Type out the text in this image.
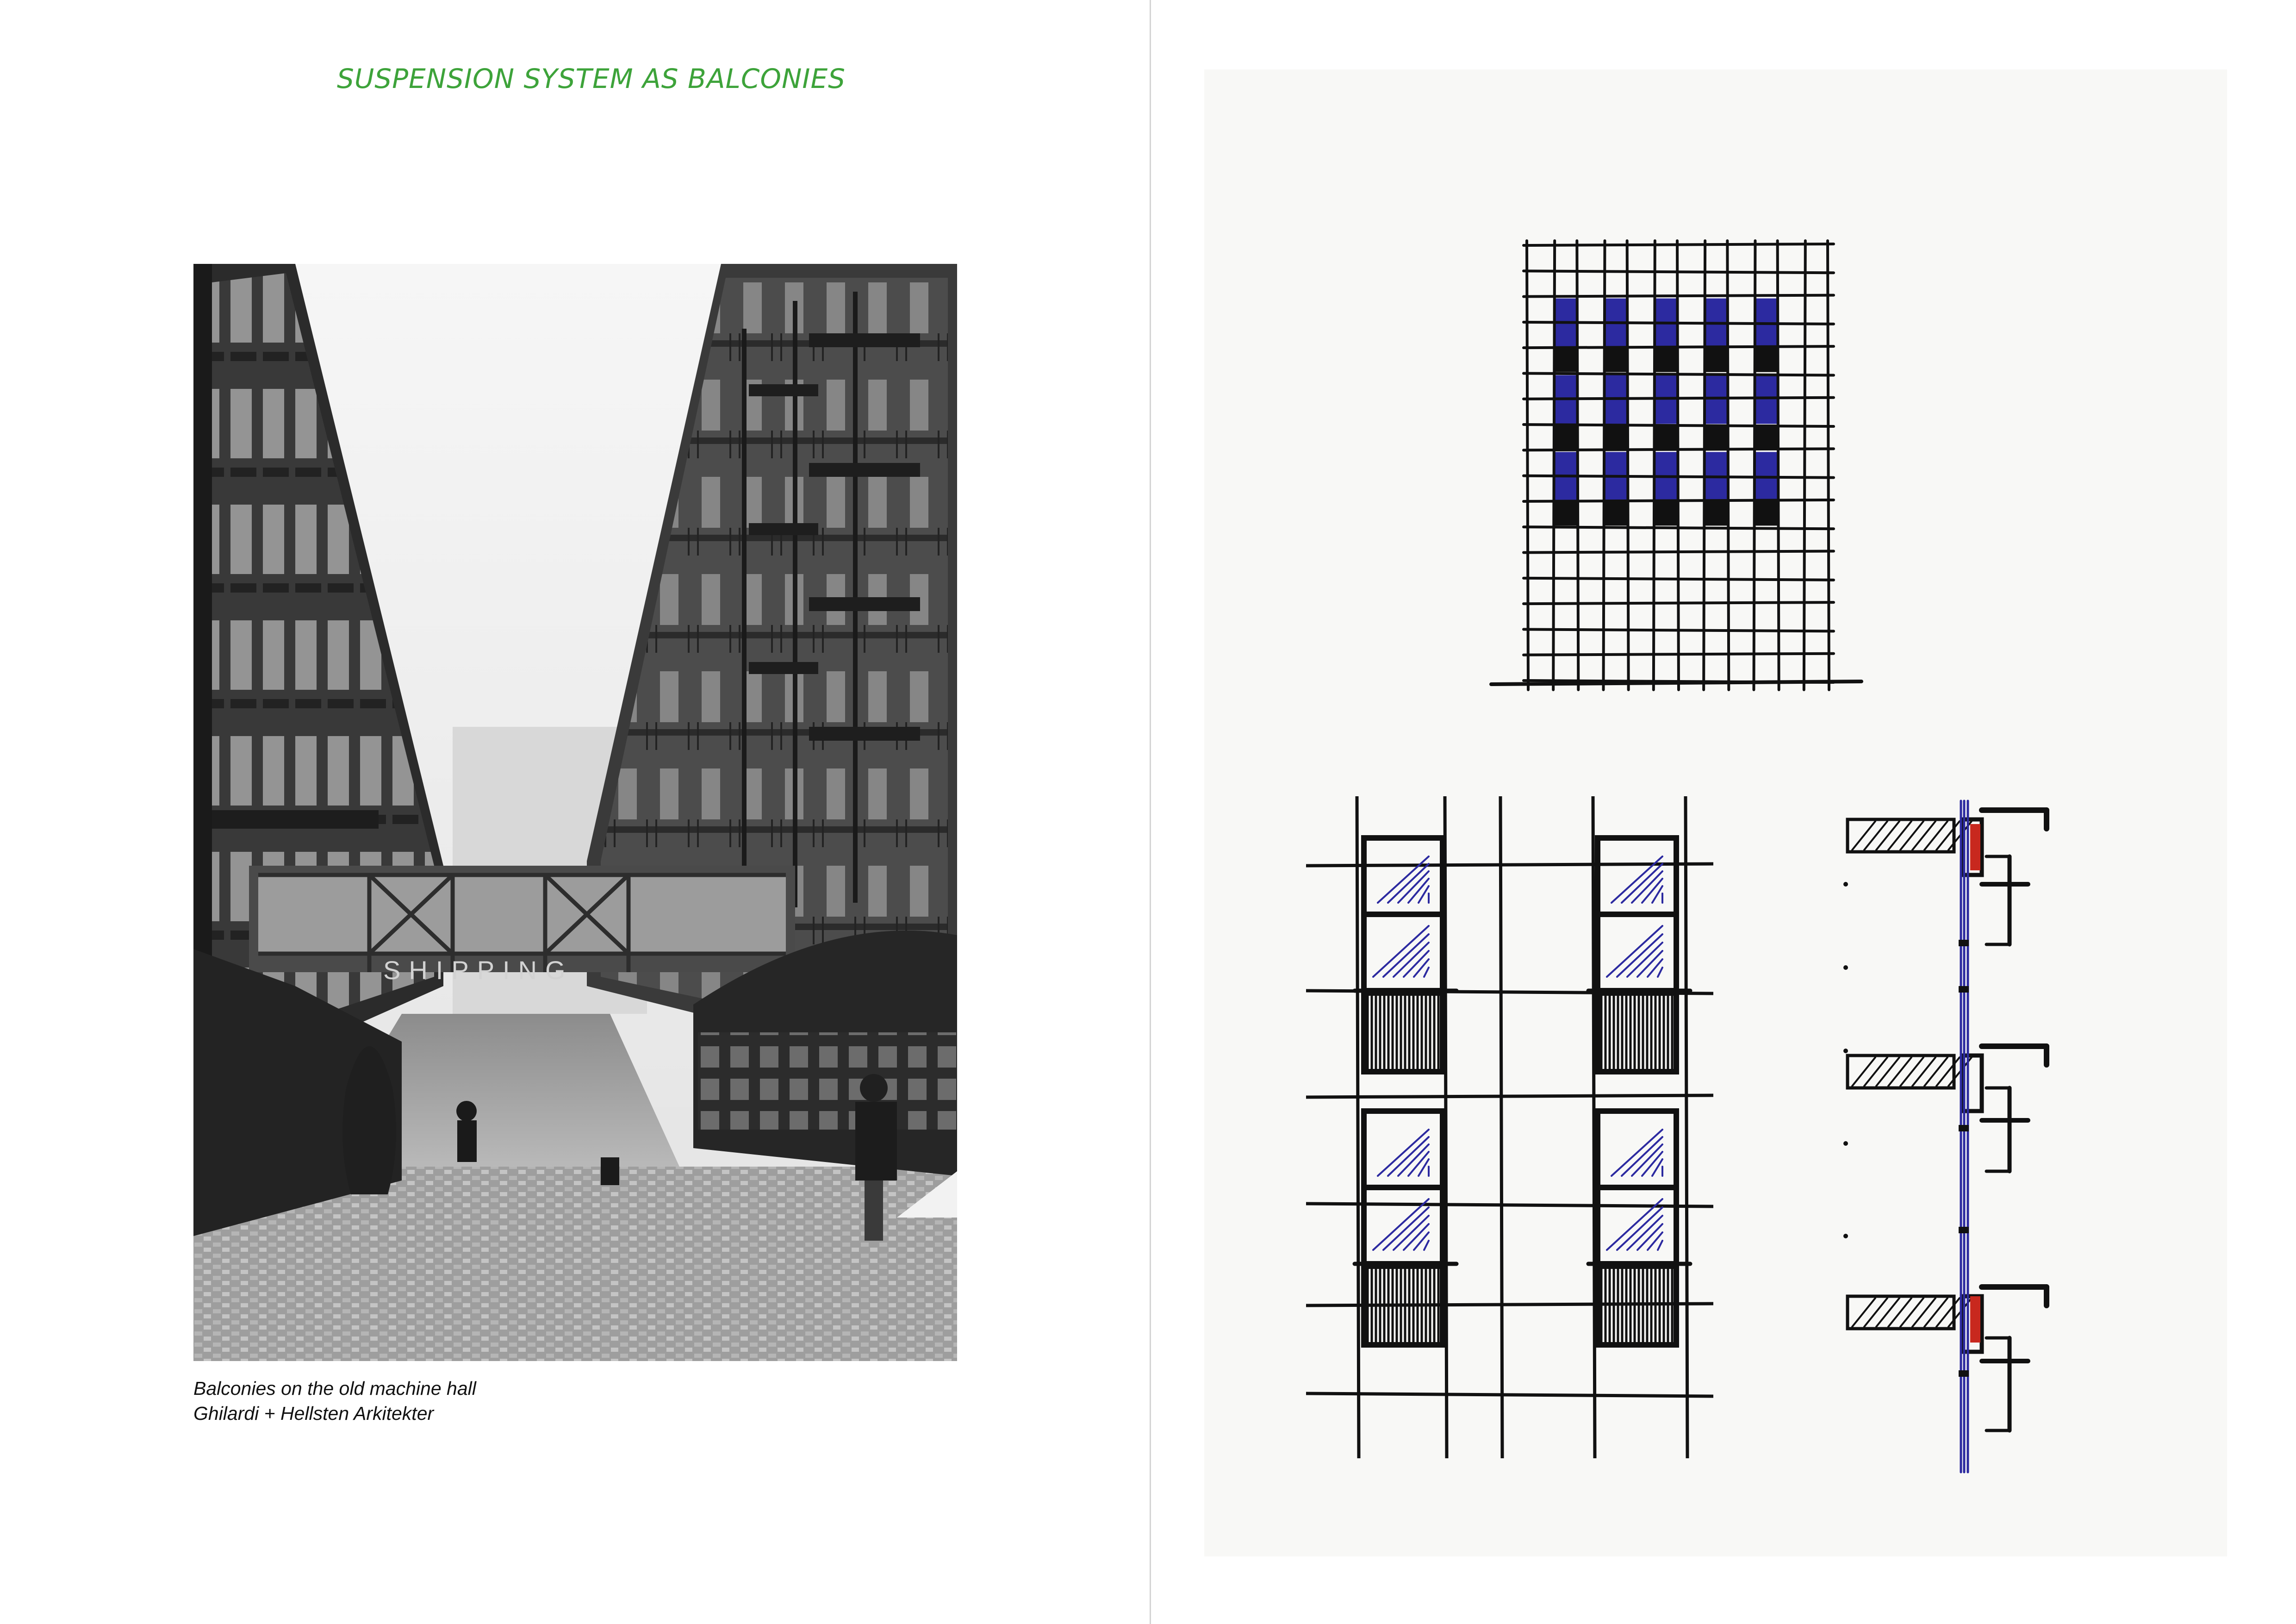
SUSPENSION SYSTEM AS BALCONIES
SHIPPING
Balconies on the old machine hall
Ghilardi + Hellsten Arkitekter
